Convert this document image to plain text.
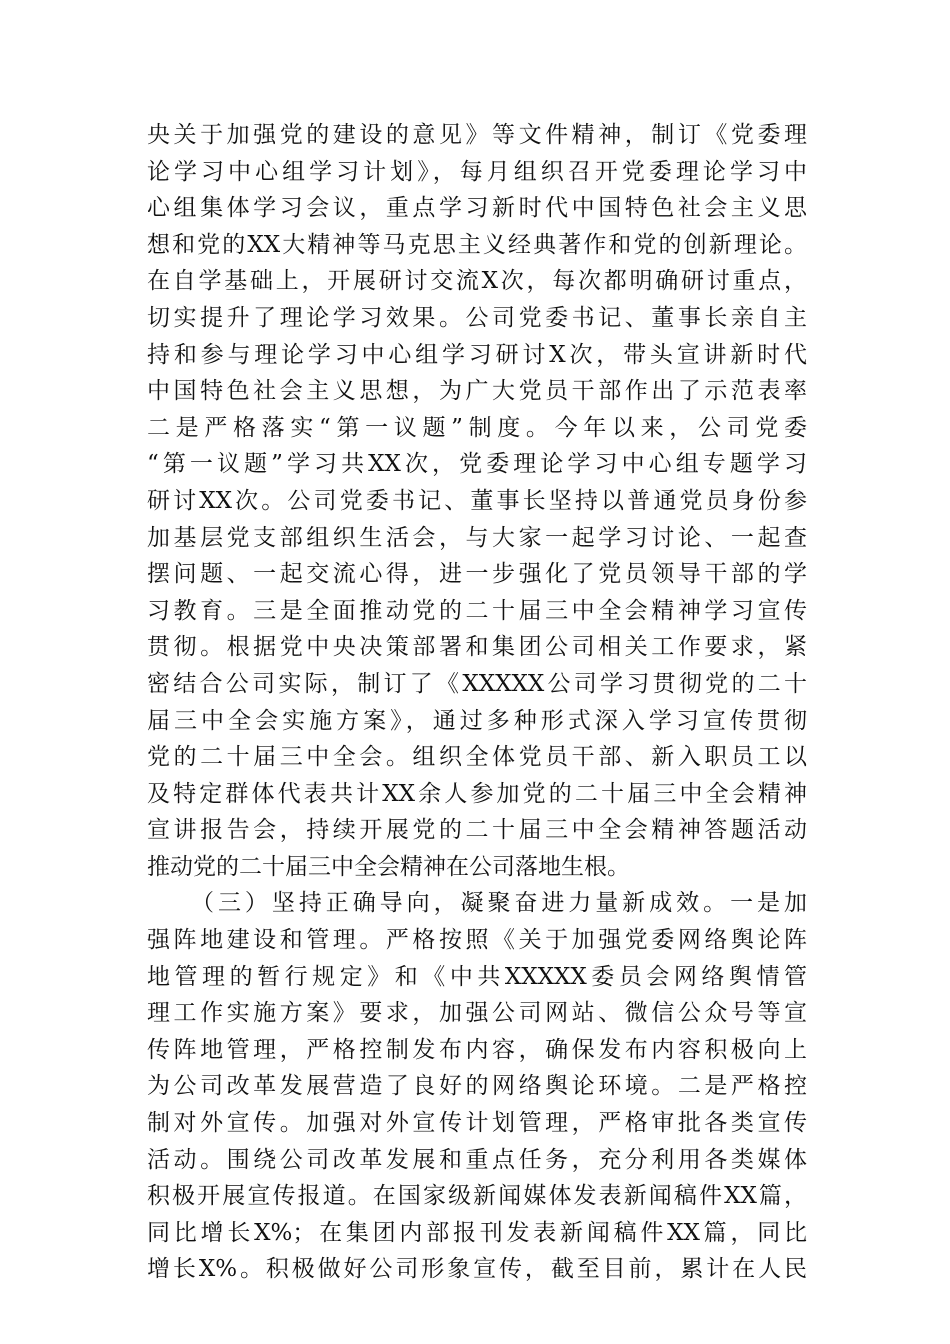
央关于加强党的建设的意见》等文件精神，制订《党委理
论学习中心组学习计划》，每月组织召开党委理论学习中
心组集体学习会议，重点学习新时代中国特色社会主义思
想和党的XX大精神等马克思主义经典著作和党的创新理论。
在自学基础上，开展研讨交流X次，每次都明确研讨重点，
切实提升了理论学习效果。公司党委书记、董事长亲自主
持和参与理论学习中心组学习研讨X次，带头宣讲新时代
中国特色社会主义思想，为广大党员干部作出了示范表率
二是严格落实“第一议题”制度。今年以来，公司党委
“第一议题”学习共XX次，党委理论学习中心组专题学习
研讨XX次。公司党委书记、董事长坚持以普通党员身份参
加基层党支部组织生活会，与大家一起学习讨论、一起查
摆问题、一起交流心得，进一步强化了党员领导干部的学
习教育。三是全面推动党的二十届三中全会精神学习宣传
贯彻。根据党中央决策部署和集团公司相关工作要求，紧
密结合公司实际，制订了《XXXXX公司学习贯彻党的二十
届三中全会实施方案》，通过多种形式深入学习宣传贯彻
党的二十届三中全会。组织全体党员干部、新入职员工以
及特定群体代表共计XX余人参加党的二十届三中全会精神
宣讲报告会，持续开展党的二十届三中全会精神答题活动
推动党的二十届三中全会精神在公司落地生根。
（三）坚持正确导向，凝聚奋进力量新成效。一是加
强阵地建设和管理。严格按照《关于加强党委网络舆论阵
地管理的暂行规定》和《中共XXXXX委员会网络舆情管
理工作实施方案》要求，加强公司网站、微信公众号等宣
传阵地管理，严格控制发布内容，确保发布内容积极向上
为公司改革发展营造了良好的网络舆论环境。二是严格控
制对外宣传。加强对外宣传计划管理，严格审批各类宣传
活动。围绕公司改革发展和重点任务，充分利用各类媒体
积极开展宣传报道。在国家级新闻媒体发表新闻稿件XX篇，
同比增长X%；在集团内部报刊发表新闻稿件XX篇，同比
增长X%。积极做好公司形象宣传，截至目前，累计在人民
